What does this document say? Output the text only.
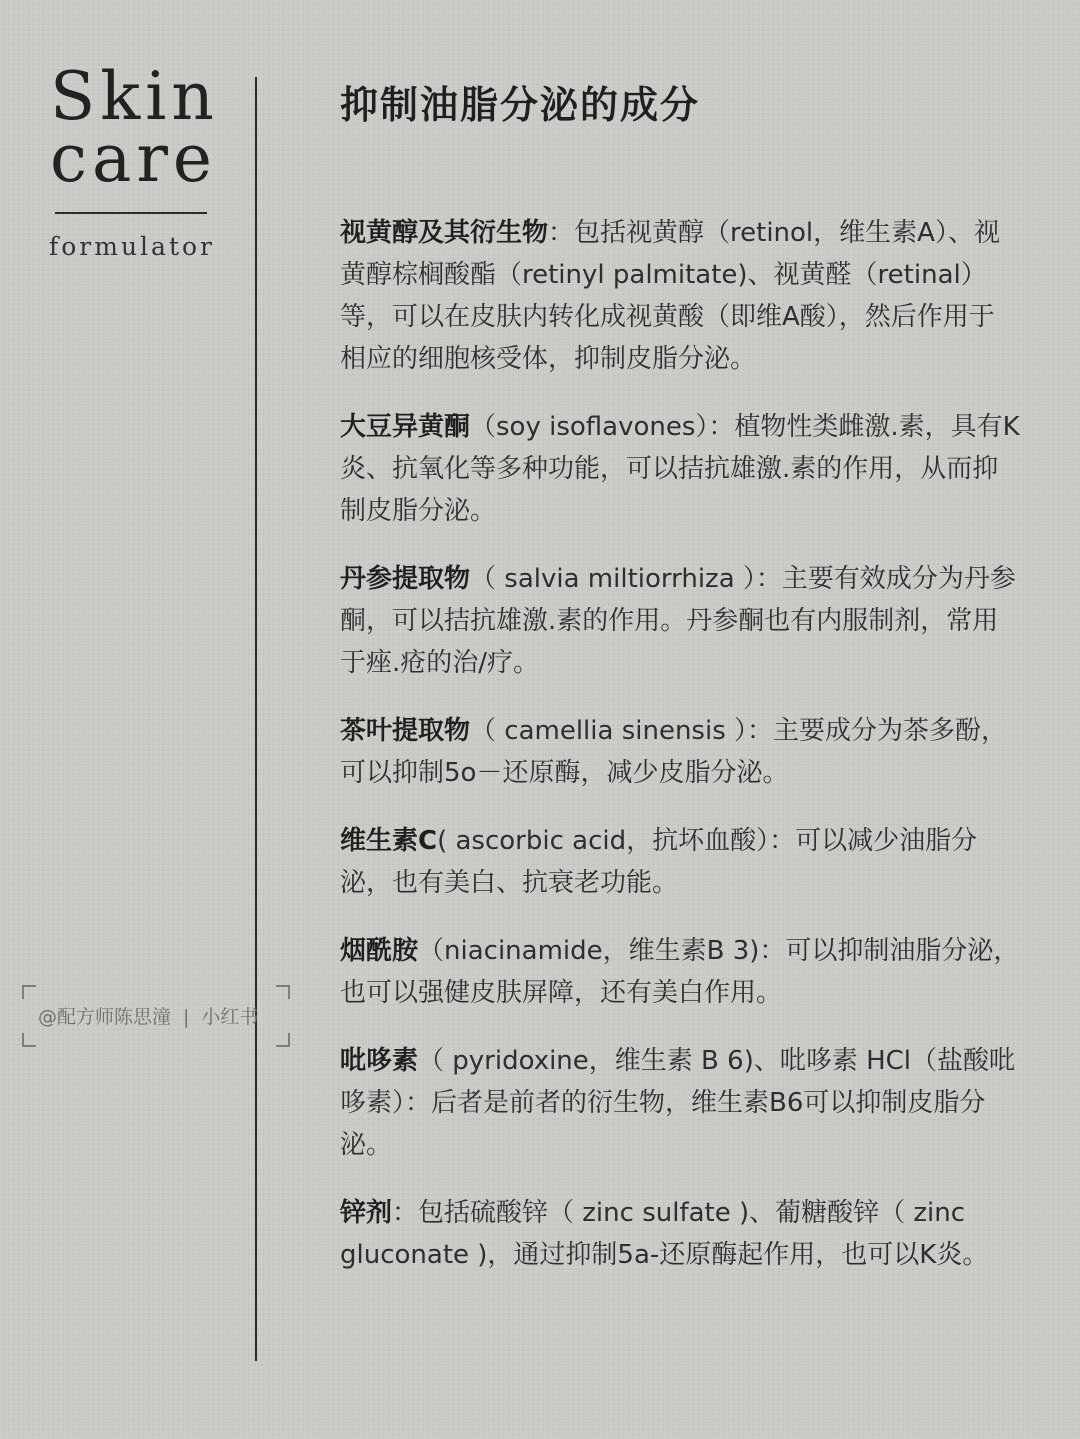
Skin
care
formulator
@配方师陈思潼 | 小红书
抑制油脂分泌的成分

视黄醇及其衍生物：包括视黄醇（retinol，维生素A）、视黄醇棕榈酸酯（retinyl palmitate)、视黄醛（retinal）等，可以在皮肤内转化成视黄酸（即维A酸），然后作用于相应的细胞核受体，抑制皮脂分泌。

大豆异黄酮（soy isoflavones）：植物性类雌激.素，具有K炎、抗氧化等多种功能，可以拮抗雄激.素的作用，从而抑制皮脂分泌。

丹参提取物（ salvia miltiorrhiza ）：主要有效成分为丹参酮，可以拮抗雄激.素的作用。丹参酮也有内服制剂，常用于痤.疮的治/疗。

茶叶提取物（ camellia sinensis ）：主要成分为茶多酚，可以抑制5o－还原酶，减少皮脂分泌。

维生素C( ascorbic acid，抗坏血酸）：可以减少油脂分泌，也有美白、抗衰老功能。

烟酰胺（niacinamide，维生素B 3)：可以抑制油脂分泌，也可以强健皮肤屏障，还有美白作用。

吡哆素（ pyridoxine，维生素 B 6)、吡哆素 HCl（盐酸吡哆素）：后者是前者的衍生物，维生素B6可以抑制皮脂分泌。

锌剂：包括硫酸锌（ zinc sulfate )、葡糖酸锌（ zinc gluconate )，通过抑制5a-还原酶起作用，也可以K炎。
